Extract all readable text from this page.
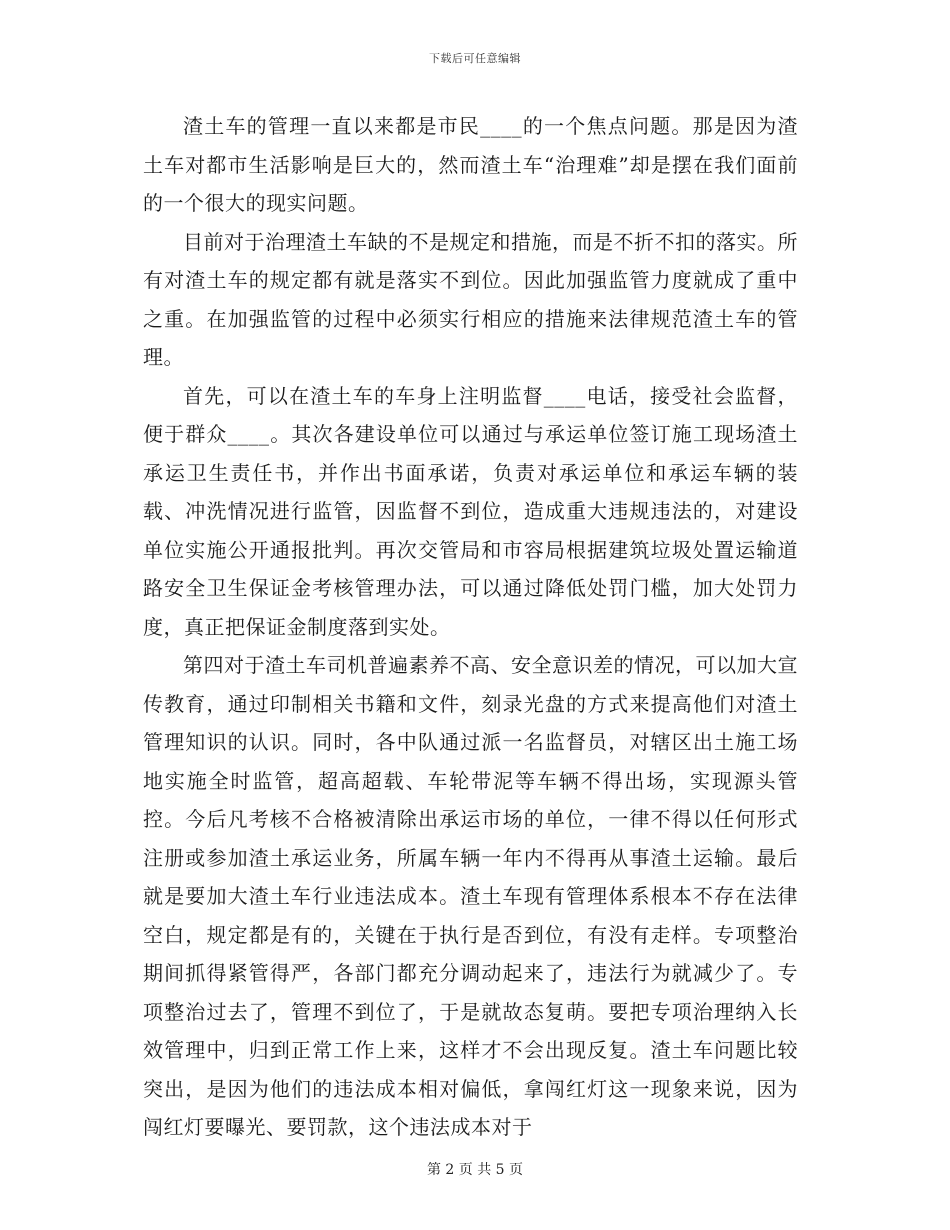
下载后可任意编辑

渣土车的管理一直以来都是市民____的一个焦点问题。那是因为渣土车对都市生活影响是巨大的，然而渣土车“治理难”却是摆在我们面前的一个很大的现实问题。

目前对于治理渣土车缺的不是规定和措施，而是不折不扣的落实。所有对渣土车的规定都有就是落实不到位。因此加强监管力度就成了重中之重。在加强监管的过程中必须实行相应的措施来法律规范渣土车的管理。

首先，可以在渣土车的车身上注明监督____电话，接受社会监督，便于群众____。其次各建设单位可以通过与承运单位签订施工现场渣土承运卫生责任书，并作出书面承诺，负责对承运单位和承运车辆的装载、冲洗情况进行监管，因监督不到位，造成重大违规违法的，对建设单位实施公开通报批判。再次交管局和市容局根据建筑垃圾处置运输道路安全卫生保证金考核管理办法，可以通过降低处罚门槛，加大处罚力度，真正把保证金制度落到实处。

第四对于渣土车司机普遍素养不高、安全意识差的情况，可以加大宣传教育，通过印制相关书籍和文件，刻录光盘的方式来提高他们对渣土管理知识的认识。同时，各中队通过派一名监督员，对辖区出土施工场地实施全时监管，超高超载、车轮带泥等车辆不得出场，实现源头管控。今后凡考核不合格被清除出承运市场的单位，一律不得以任何形式注册或参加渣土承运业务，所属车辆一年内不得再从事渣土运输。最后就是要加大渣土车行业违法成本。渣土车现有管理体系根本不存在法律空白，规定都是有的，关键在于执行是否到位，有没有走样。专项整治期间抓得紧管得严，各部门都充分调动起来了，违法行为就减少了。专项整治过去了，管理不到位了，于是就故态复萌。要把专项治理纳入长效管理中，归到正常工作上来，这样才不会出现反复。渣土车问题比较突出，是因为他们的违法成本相对偏低，拿闯红灯这一现象来说，因为闯红灯要曝光、要罚款，这个违法成本对于

第 2 页 共 5 页
